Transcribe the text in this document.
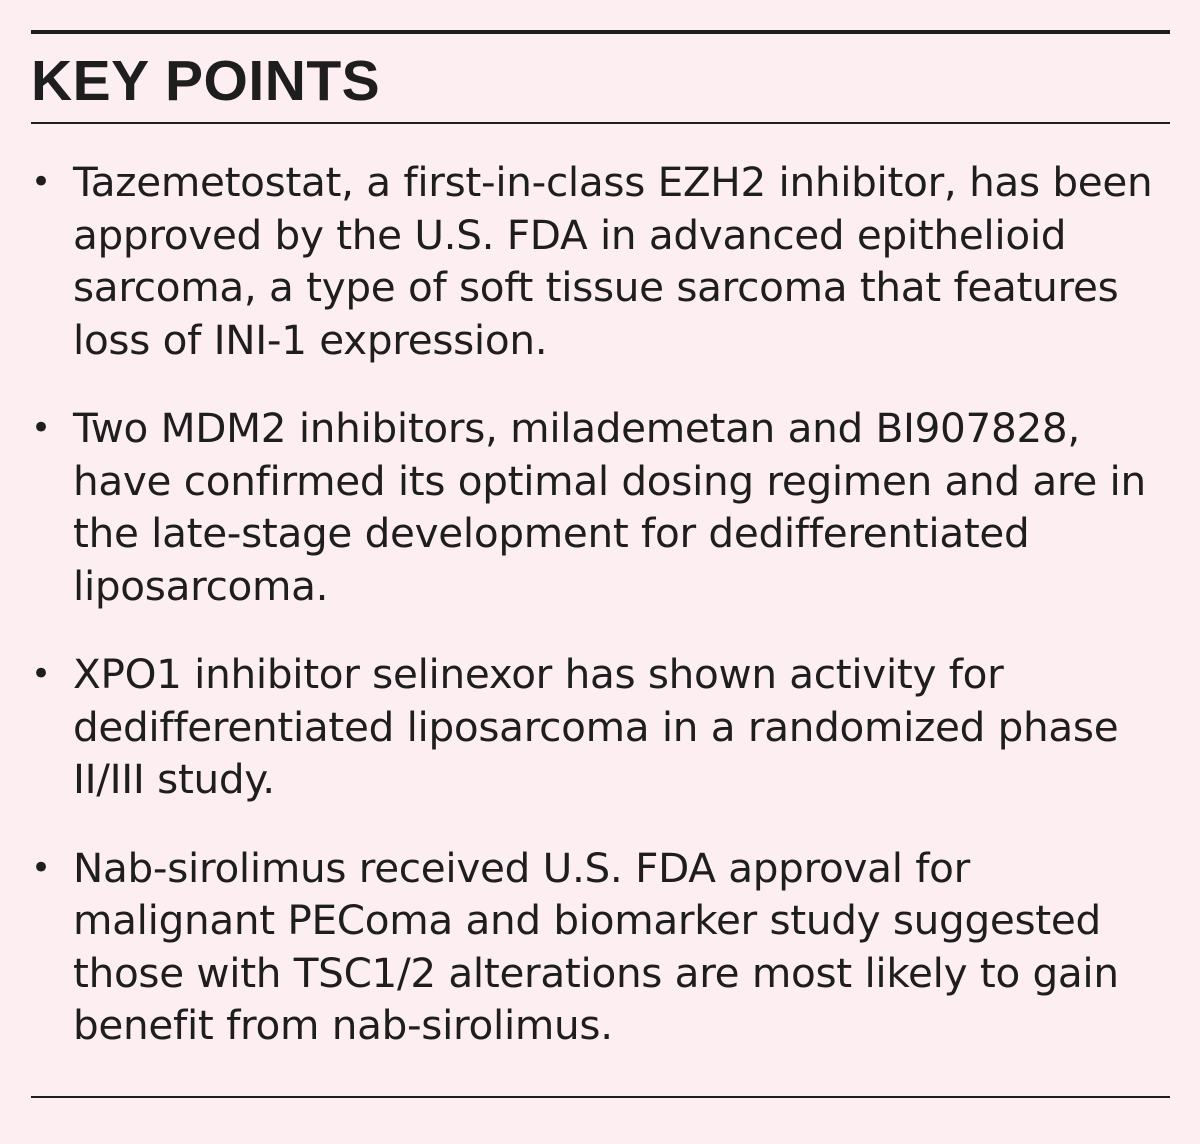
KEY POINTS
• Tazemetostat, a first-in-class EZH2 inhibitor, has been approved by the U.S. FDA in advanced epithelioid sarcoma, a type of soft tissue sarcoma that features loss of INI-1 expression.
• Two MDM2 inhibitors, milademetan and BI907828, have confirmed its optimal dosing regimen and are in the late-stage development for dedifferentiated liposarcoma.
• XPO1 inhibitor selinexor has shown activity for dedifferentiated liposarcoma in a randomized phase II/III study.
• Nab-sirolimus received U.S. FDA approval for malignant PEComa and biomarker study suggested those with TSC1/2 alterations are most likely to gain benefit from nab-sirolimus.
